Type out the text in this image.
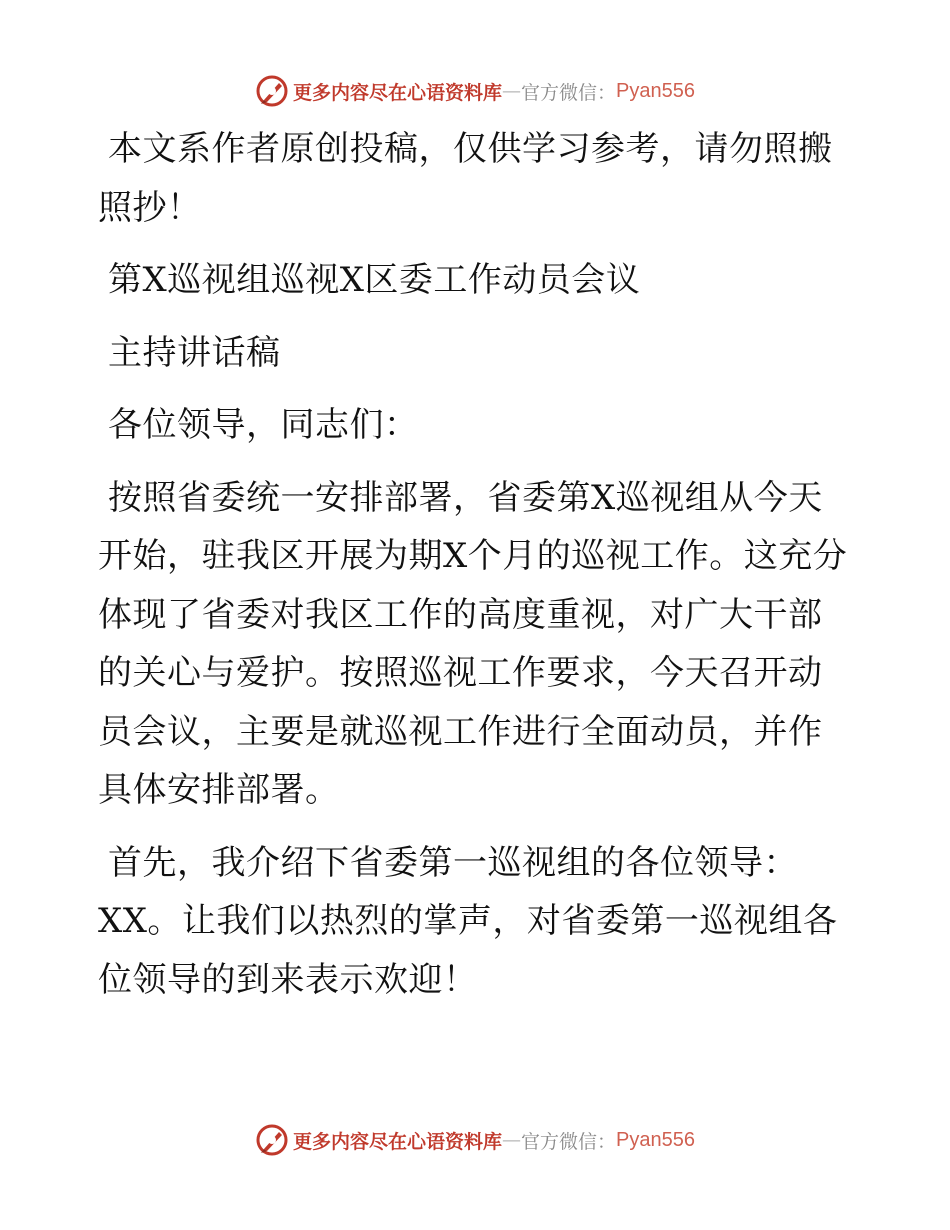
更多内容尽在心语资料库 — 官方微信： Pyan556

本文系作者原创投稿，仅供学习参考，请勿照搬照抄！

第X巡视组巡视X区委工作动员会议

主持讲话稿

各位领导，同志们：

按照省委统一安排部署，省委第X巡视组从今天开始，驻我区开展为期X个月的巡视工作。这充分体现了省委对我区工作的高度重视，对广大干部的关心与爱护。按照巡视工作要求，今天召开动员会议，主要是就巡视工作进行全面动员，并作具体安排部署。

首先，我介绍下省委第一巡视组的各位领导：

XX。让我们以热烈的掌声，对省委第一巡视组各位领导的到来表示欢迎！

更多内容尽在心语资料库 — 官方微信： Pyan556
